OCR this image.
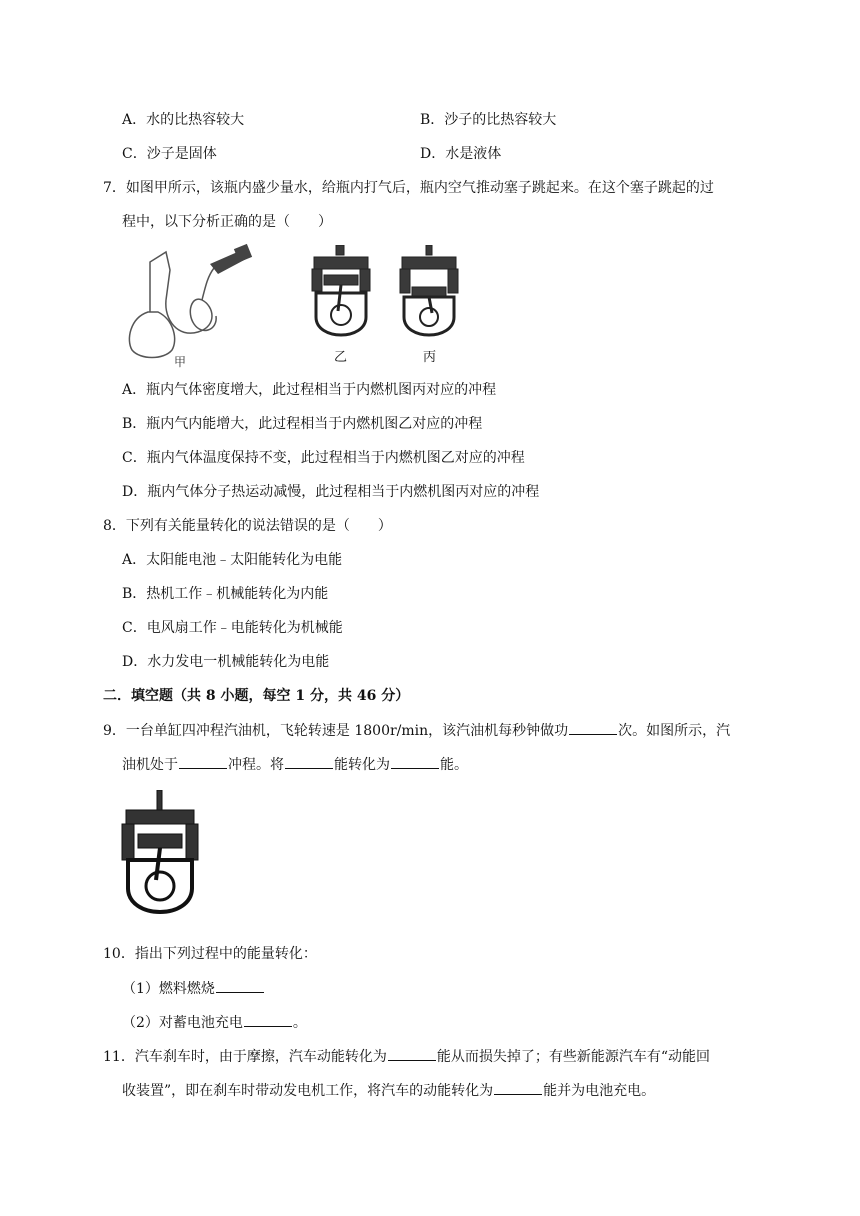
A．水的比热容较大	B．沙子的比热容较大
C．沙子是固体	D．水是液体
7．如图甲所示，该瓶内盛少量水，给瓶内打气后，瓶内空气推动塞子跳起来。在这个塞子跳起的过
程中，以下分析正确的是（　　）
甲	乙	丙
A．瓶内气体密度增大，此过程相当于内燃机图丙对应的冲程
B．瓶内气内能增大，此过程相当于内燃机图乙对应的冲程
C．瓶内气体温度保持不变，此过程相当于内燃机图乙对应的冲程
D．瓶内气体分子热运动减慢，此过程相当于内燃机图丙对应的冲程
8．下列有关能量转化的说法错误的是（　　）
A．太阳能电池﹣太阳能转化为电能
B．热机工作﹣机械能转化为内能
C．电风扇工作﹣电能转化为机械能
D．水力发电一机械能转化为电能
二．填空题（共 8 小题，每空 1 分，共 46 分）
9．一台单缸四冲程汽油机，飞轮转速是 1800r/min，该汽油机每秒钟做功	次。如图所示，汽
油机处于	冲程。将	能转化为	能。
10．指出下列过程中的能量转化：
（1）燃料燃烧
（2）对蓄电池充电	。
11．汽车刹车时，由于摩擦，汽车动能转化为	能从而损失掉了；有些新能源汽车有“动能回
收装置”，即在刹车时带动发电机工作，将汽车的动能转化为	能并为电池充电。
